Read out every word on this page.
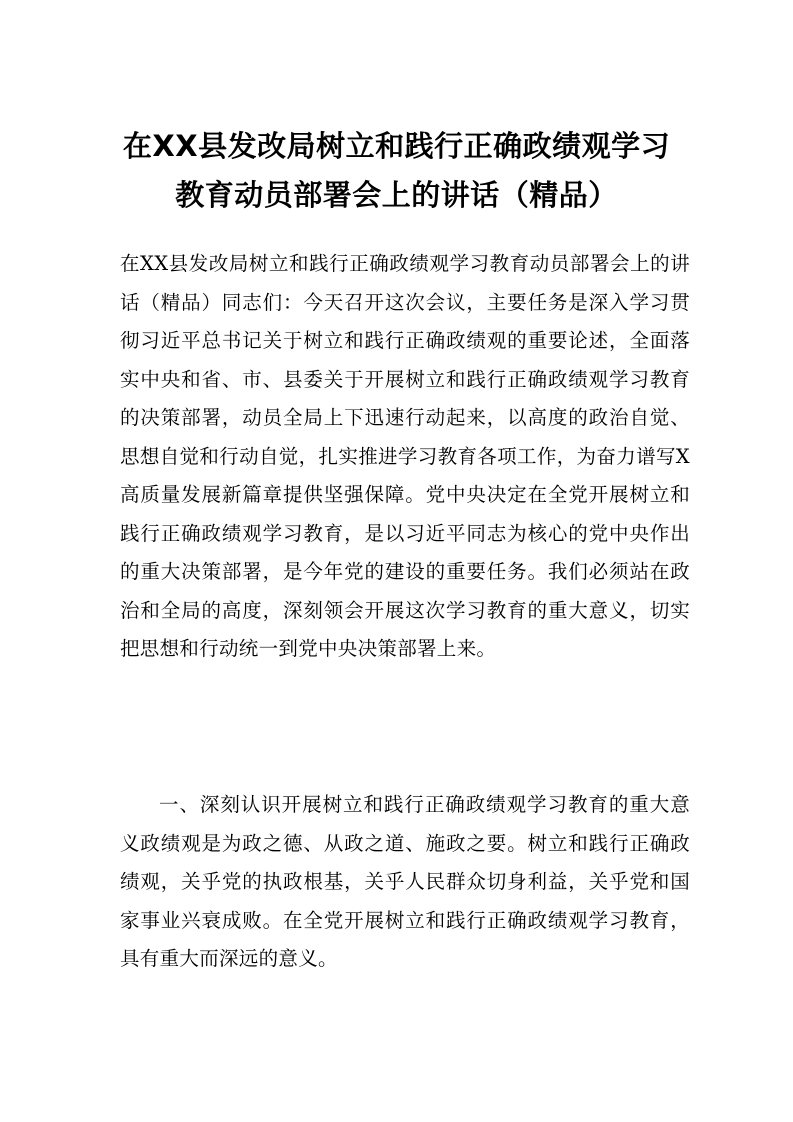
在XX县发改局树立和践行正确政绩观学习
教育动员部署会上的讲话（精品）

在XX县发改局树立和践行正确政绩观学习教育动员部署会上的讲话（精品）同志们：今天召开这次会议，主要任务是深入学习贯彻习近平总书记关于树立和践行正确政绩观的重要论述，全面落实中央和省、市、县委关于开展树立和践行正确政绩观学习教育的决策部署，动员全局上下迅速行动起来，以高度的政治自觉、思想自觉和行动自觉，扎实推进学习教育各项工作，为奋力谱写X高质量发展新篇章提供坚强保障。党中央决定在全党开展树立和践行正确政绩观学习教育，是以习近平同志为核心的党中央作出的重大决策部署，是今年党的建设的重要任务。我们必须站在政治和全局的高度，深刻领会开展这次学习教育的重大意义，切实把思想和行动统一到党中央决策部署上来。

一、深刻认识开展树立和践行正确政绩观学习教育的重大意义政绩观是为政之德、从政之道、施政之要。树立和践行正确政绩观，关乎党的执政根基，关乎人民群众切身利益，关乎党和国家事业兴衰成败。在全党开展树立和践行正确政绩观学习教育，具有重大而深远的意义。
